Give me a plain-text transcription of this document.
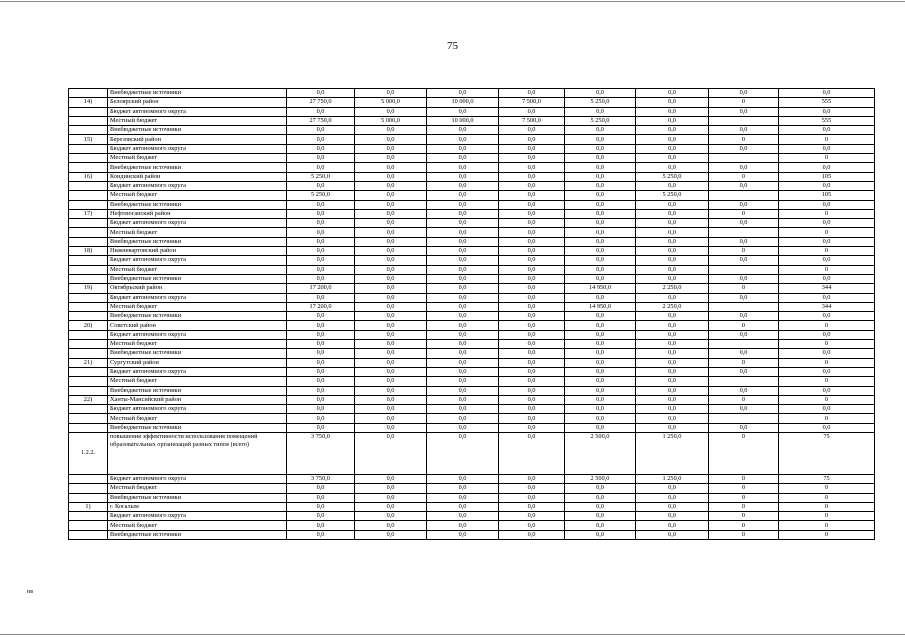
75
	Внебюджетные источники	0,0	0,0	0,0	0,0	0,0	0,0	0,0	0,0
14)	Белоярский район	27 750,0	5 000,0	10 000,0	7 500,0	5 250,0	0,0	0	555
	Бюджет автономного округа	0,0	0,0	0,0	0,0	0,0	0,0	0,0	0,0
	Местный бюджет	27 750,0	5 000,0	10 000,0	7 500,0	5 250,0	0,0		555
	Внебюджетные источники	0,0	0,0	0,0	0,0	0,0	0,0	0,0	0,0
15)	Березовский район	0,0	0,0	0,0	0,0	0,0	0,0	0	0
	Бюджет автономного округа	0,0	0,0	0,0	0,0	0,0	0,0	0,0	0,0
	Местный бюджет	0,0	0,0	0,0	0,0	0,0	0,0		0
	Внебюджетные источники	0,0	0,0	0,0	0,0	0,0	0,0	0,0	0,0
16)	Кондинский район	5 250,0	0,0	0,0	0,0	0,0	5 250,0	0	105
	Бюджет автономного округа	0,0	0,0	0,0	0,0	0,0	0,0	0,0	0,0
	Местный бюджет	5 250,0	0,0	0,0	0,0	0,0	5 250,0		105
	Внебюджетные источники	0,0	0,0	0,0	0,0	0,0	0,0	0,0	0,0
17)	Нефтеюганский район	0,0	0,0	0,0	0,0	0,0	0,0	0	0
	Бюджет автономного округа	0,0	0,0	0,0	0,0	0,0	0,0	0,0	0,0
	Местный бюджет	0,0	0,0	0,0	0,0	0,0	0,0		0
	Внебюджетные источники	0,0	0,0	0,0	0,0	0,0	0,0	0,0	0,0
18)	Нижневартовский район	0,0	0,0	0,0	0,0	0,0	0,0	0	0
	Бюджет автономного округа	0,0	0,0	0,0	0,0	0,0	0,0	0,0	0,0
	Местный бюджет	0,0	0,0	0,0	0,0	0,0	0,0		0
	Внебюджетные источники	0,0	0,0	0,0	0,0	0,0	0,0	0,0	0,0
19)	Октябрьский район	17 200,0	0,0	0,0	0,0	14 950,0	2 250,0	0	344
	Бюджет автономного округа	0,0	0,0	0,0	0,0	0,0	0,0	0,0	0,0
	Местный бюджет	17 200,0	0,0	0,0	0,0	14 950,0	2 250,0		344
	Внебюджетные источники	0,0	0,0	0,0	0,0	0,0	0,0	0,0	0,0
20)	Советский район	0,0	0,0	0,0	0,0	0,0	0,0	0	0
	Бюджет автономного округа	0,0	0,0	0,0	0,0	0,0	0,0	0,0	0,0
	Местный бюджет	0,0	0,0	0,0	0,0	0,0	0,0		0
	Внебюджетные источники	0,0	0,0	0,0	0,0	0,0	0,0	0,0	0,0
21)	Сургутский район	0,0	0,0	0,0	0,0	0,0	0,0	0	0
	Бюджет автономного округа	0,0	0,0	0,0	0,0	0,0	0,0	0,0	0,0
	Местный бюджет	0,0	0,0	0,0	0,0	0,0	0,0		0
	Внебюджетные источники	0,0	0,0	0,0	0,0	0,0	0,0	0,0	0,0
22)	Ханты-Мансийский район	0,0	0,0	0,0	0,0	0,0	0,0	0	0
	Бюджет автономного округа	0,0	0,0	0,0	0,0	0,0	0,0	0,0	0,0
	Местный бюджет	0,0	0,0	0,0	0,0	0,0	0,0		0
	Внебюджетные источники	0,0	0,0	0,0	0,0	0,0	0,0	0,0	0,0
1.2.2.	повышения эффективности использования помещений образовательных организаций разных типов (всего)	3 750,0	0,0	0,0	0,0	2 500,0	1 250,0	0	75
	Бюджет автономного округа	3 750,0	0,0	0,0	0,0	2 500,0	1 250,0	0	75
	Местный бюджет	0,0	0,0	0,0	0,0	0,0	0,0	0	0
	Внебюджетные источники	0,0	0,0	0,0	0,0	0,0	0,0	0	0
1)	г. Когалым	0,0	0,0	0,0	0,0	0,0	0,0	0	0
	Бюджет автономного округа	0,0	0,0	0,0	0,0	0,0	0,0	0	0
	Местный бюджет	0,0	0,0	0,0	0,0	0,0	0,0	0	0
	Внебюджетные источники	0,0	0,0	0,0	0,0	0,0	0,0	0	0
нв
